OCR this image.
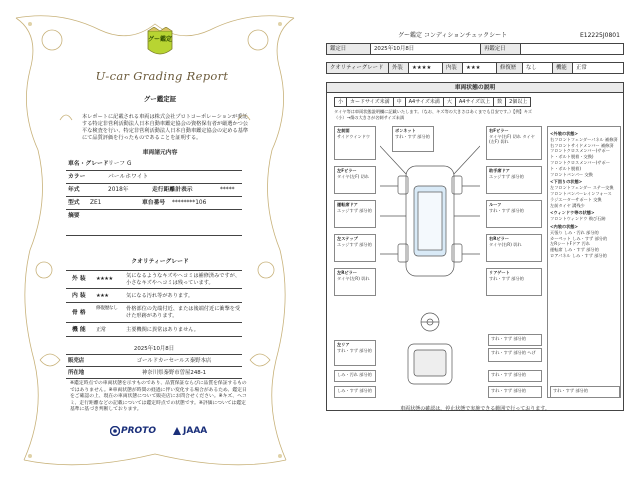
グー鑑定
U-car Grading Report
グー鑑定証
本レポートに記載される車両は株式会社プロトコーポレーションが委託する特定非営利活動法人日本自動車鑑定協会の資格保有者が厳選かつ公平な検査を行い、特定非営利活動法人日本自動車鑑定協会の定める基準にて品質評価を行ったものであることを証明する。
車両諸元内容
車名・グレード リーフ G
カラー	パールホワイト
年式	2018年	走行距離計表示	*****
型式 ZE1	車台番号 ********106
摘要
クオリティーグレード
外 装 ★★★★	気になるようなキズやヘコミは補修済みですが、小さなキズやヘコミは残っています。
内 装 ★★★	気になる汚れ等があります。
骨 格
修復歴なし	骨格部位の先端付近、または後端付近に衝撃を受けた形跡があります。
機 能 正常	主要機関に異常はありません。
2025年10月8日
販売店	ゴールドカーセールス秦野本店
所在地	神奈川県秦野市曽屋248-1
※鑑定時点での車両状態を示すものであり、品質保証ならびに品質を保証するものではありません。※車両状態が時間の経過に伴い変化する場合があるため、鑑定日をご確認の上、現在の車両状態について販売店にお問合せください。※キズ、ヘコミ、走行距離などの記載については鑑定時点での状態です。※評価については鑑定基準に基づき判断しております。
PROTO	JAAA
グー鑑定 コンディションチェックシート	E12225J0801
鑑定日	2025年10月8日	再鑑定日	
クオリティーグレード	外装	★★★★	内装	★★★	修復歴	なし	機能	正常
車両状態の説明
小	カードサイズ未満	中	A4サイズ未満	大	A4サイズ以上	数	2個以上
タイヤ等は車両状態説明欄に記載いたします。（なお、キズ等の大きさはあくまでも目安です。）【例】キズ（小）→傷の大きさが名刺サイズ未満
左前面
サイドウインドウ
左Fピラー
タイヤ(左F) 切れ
運転席ドア
エッジすず 部分的
左ステップ
エッジすず 部分的
左Rピラー
タイヤ(左R) 切れ
左リア
すれ・すず 部分的
ボンネット
すれ・すず 部分的
右Fピラー
タイヤ(右F) 切れ タイヤ(左F) 切れ
助手席ドア
エッジすず 部分的
ルーフ
すれ・すず 部分的
右Rピラー
タイヤ(右R) 切れ
リアゲート
すれ・すず 部分的
<外装の状態>
右フロントフェンダーパネル 補修済
右フロントサイドメンバー 補修済
フロントクロスメンバー(サポート・ボルト脱着・交換)
フロントクロスメンバー(サポート・ボルト脱着)
フロントバンパー 交換
<下回りの状態>
左フロントフェンダー ステー交換
フロントバンパーレインフォース
ラジエーターサポート 交換
左前タイヤ 溝残少
<ウィンドウ等の状態>
フロントウィンドウ 飛び石跡
<内装の状態>
天張り しみ・汚れ 部分的
カーペット しみ・すず 部分的
左RシートFドア 汚れ
運転席 しみ・すず 部分的
ロアパネル しみ・すず 部分的
すれ・すず 部分的
すれ・すず 部分的 ヘげ
しみ・汚れ 部分的	すれ・すず 部分的
しみ・すず 部分的	すれ・すず 部分的	すれ・すず 部分的
車両状態の確認は、停止状態で実施できる範囲で行っております。
